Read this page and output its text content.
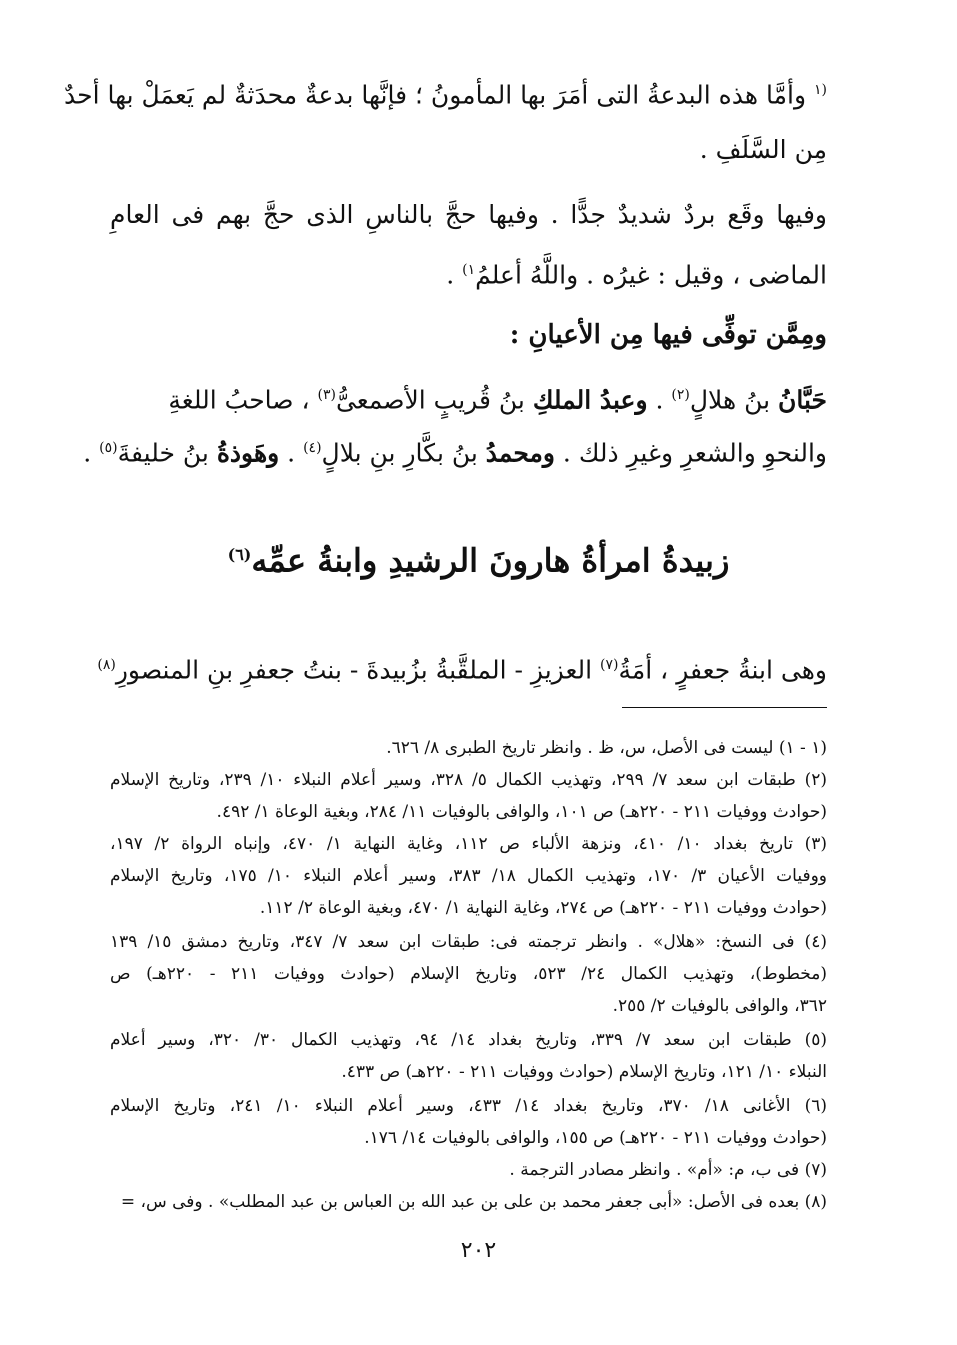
$^{(١}$ وأمَّا هذه البدعةُ التى أمَرَ بها المأمونُ ؛ فإنَّها بدعةٌ محدَثةٌ لم يَعمَلْ بها أحدٌ
مِن السَّلَفِ .
وفيها وقَع بردٌ شديدٌ جدًّا . وفيها حجَّ بالناسِ الذى حجَّ بهم فى العامِ
الماضى ، وقيل : غيرُه . واللَّهُ أعلمُ$^{١)}$ .
ومِمَّن توفِّى فيها مِن الأعيانِ :
حَبَّانُ بنُ هلالٍ$^{(٢)}$ . وعبدُ الملكِ بنُ قُريبٍ الأصمعىُّ$^{(٣)}$ ، صاحبُ اللغةِ
والنحوِ والشعرِ وغيرِ ذلك . ومحمدُ بنُ بكَّارِ بنِ بلالٍ$^{(٤)}$ . وهَوذةُ بنُ خليفةَ$^{(٥)}$ .
زبيدةُ امرأةُ هارونَ الرشيدِ وابنةُ عمِّه$^{(٦)}$
وهى ابنةُ جعفرٍ ، أمَةُ$^{(٧)}$ العزيزِ - الملقَّبةُ بزُبيدةَ - بنتُ جعفرِ بنِ المنصورِ$^{(٨)}$
(١ - ١) ليست فى الأصل، س، ظ . وانظر تاريخ الطبرى ٨/ ٦٢٦.
(٢) طبقات ابن سعد ٧/ ٢٩٩، وتهذيب الكمال ٥/ ٣٢٨، وسير أعلام النبلاء ١٠/ ٢٣٩، وتاريخ الإسلام
(حوادث ووفيات ٢١١ - ٢٢٠هـ) ص ١٠١، والوافى بالوفيات ١١/ ٢٨٤، وبغية الوعاة ١/ ٤٩٢.
(٣) تاريخ بغداد ١٠/ ٤١٠، ونزهة الألباء ص ١١٢، وغاية النهاية ١/ ٤٧٠، وإنباه الرواة ٢/ ١٩٧،
ووفيات الأعيان ٣/ ١٧٠، وتهذيب الكمال ١٨/ ٣٨٣، وسير أعلام النبلاء ١٠/ ١٧٥، وتاريخ الإسلام
(حوادث ووفيات ٢١١ - ٢٢٠هـ) ص ٢٧٤، وغاية النهاية ١/ ٤٧٠، وبغية الوعاة ٢/ ١١٢.
(٤) فى النسخ: «هلال» . وانظر ترجمته فى: طبقات ابن سعد ٧/ ٣٤٧، وتاريخ دمشق ١٥/ ١٣٩
(مخطوط)، وتهذيب الكمال ٢٤/ ٥٢٣، وتاريخ الإسلام (حوادث ووفيات ٢١١ - ٢٢٠هـ) ص
٣٦٢، والوافى بالوفيات ٢/ ٢٥٥.
(٥) طبقات ابن سعد ٧/ ٣٣٩، وتاريخ بغداد ١٤/ ٩٤، وتهذيب الكمال ٣٠/ ٣٢٠، وسير أعلام
النبلاء ١٠/ ١٢١، وتاريخ الإسلام (حوادث ووفيات ٢١١ - ٢٢٠هـ) ص ٤٣٣.
(٦) الأغانى ١٨/ ٣٧٠، وتاريخ بغداد ١٤/ ٤٣٣، وسير أعلام النبلاء ١٠/ ٢٤١، وتاريخ الإسلام
(حوادث ووفيات ٢١١ - ٢٢٠هـ) ص ١٥٥، والوافى بالوفيات ١٤/ ١٧٦.
(٧) فى ب، م: «أم» . وانظر مصادر الترجمة .
(٨) بعده فى الأصل: «أبى جعفر محمد بن على بن عبد الله بن العباس بن عبد المطلب» . وفى س، =
٢٠٢
